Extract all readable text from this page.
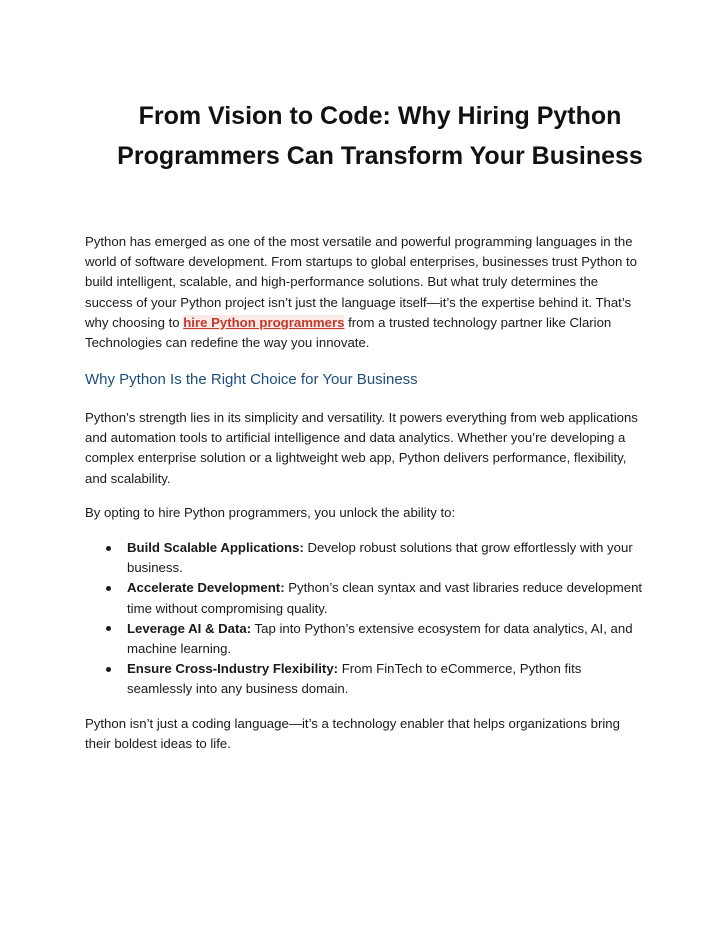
From Vision to Code: Why Hiring Python Programmers Can Transform Your Business

Python has emerged as one of the most versatile and powerful programming languages in the world of software development. From startups to global enterprises, businesses trust Python to build intelligent, scalable, and high-performance solutions. But what truly determines the success of your Python project isn’t just the language itself—it’s the expertise behind it. That’s why choosing to hire Python programmers from a trusted technology partner like Clarion Technologies can redefine the way you innovate.

Why Python Is the Right Choice for Your Business

Python’s strength lies in its simplicity and versatility. It powers everything from web applications and automation tools to artificial intelligence and data analytics. Whether you’re developing a complex enterprise solution or a lightweight web app, Python delivers performance, flexibility, and scalability.

By opting to hire Python programmers, you unlock the ability to:

Build Scalable Applications: Develop robust solutions that grow effortlessly with your business.
Accelerate Development: Python’s clean syntax and vast libraries reduce development time without compromising quality.
Leverage AI & Data: Tap into Python’s extensive ecosystem for data analytics, AI, and machine learning.
Ensure Cross-Industry Flexibility: From FinTech to eCommerce, Python fits seamlessly into any business domain.

Python isn’t just a coding language—it’s a technology enabler that helps organizations bring their boldest ideas to life.
